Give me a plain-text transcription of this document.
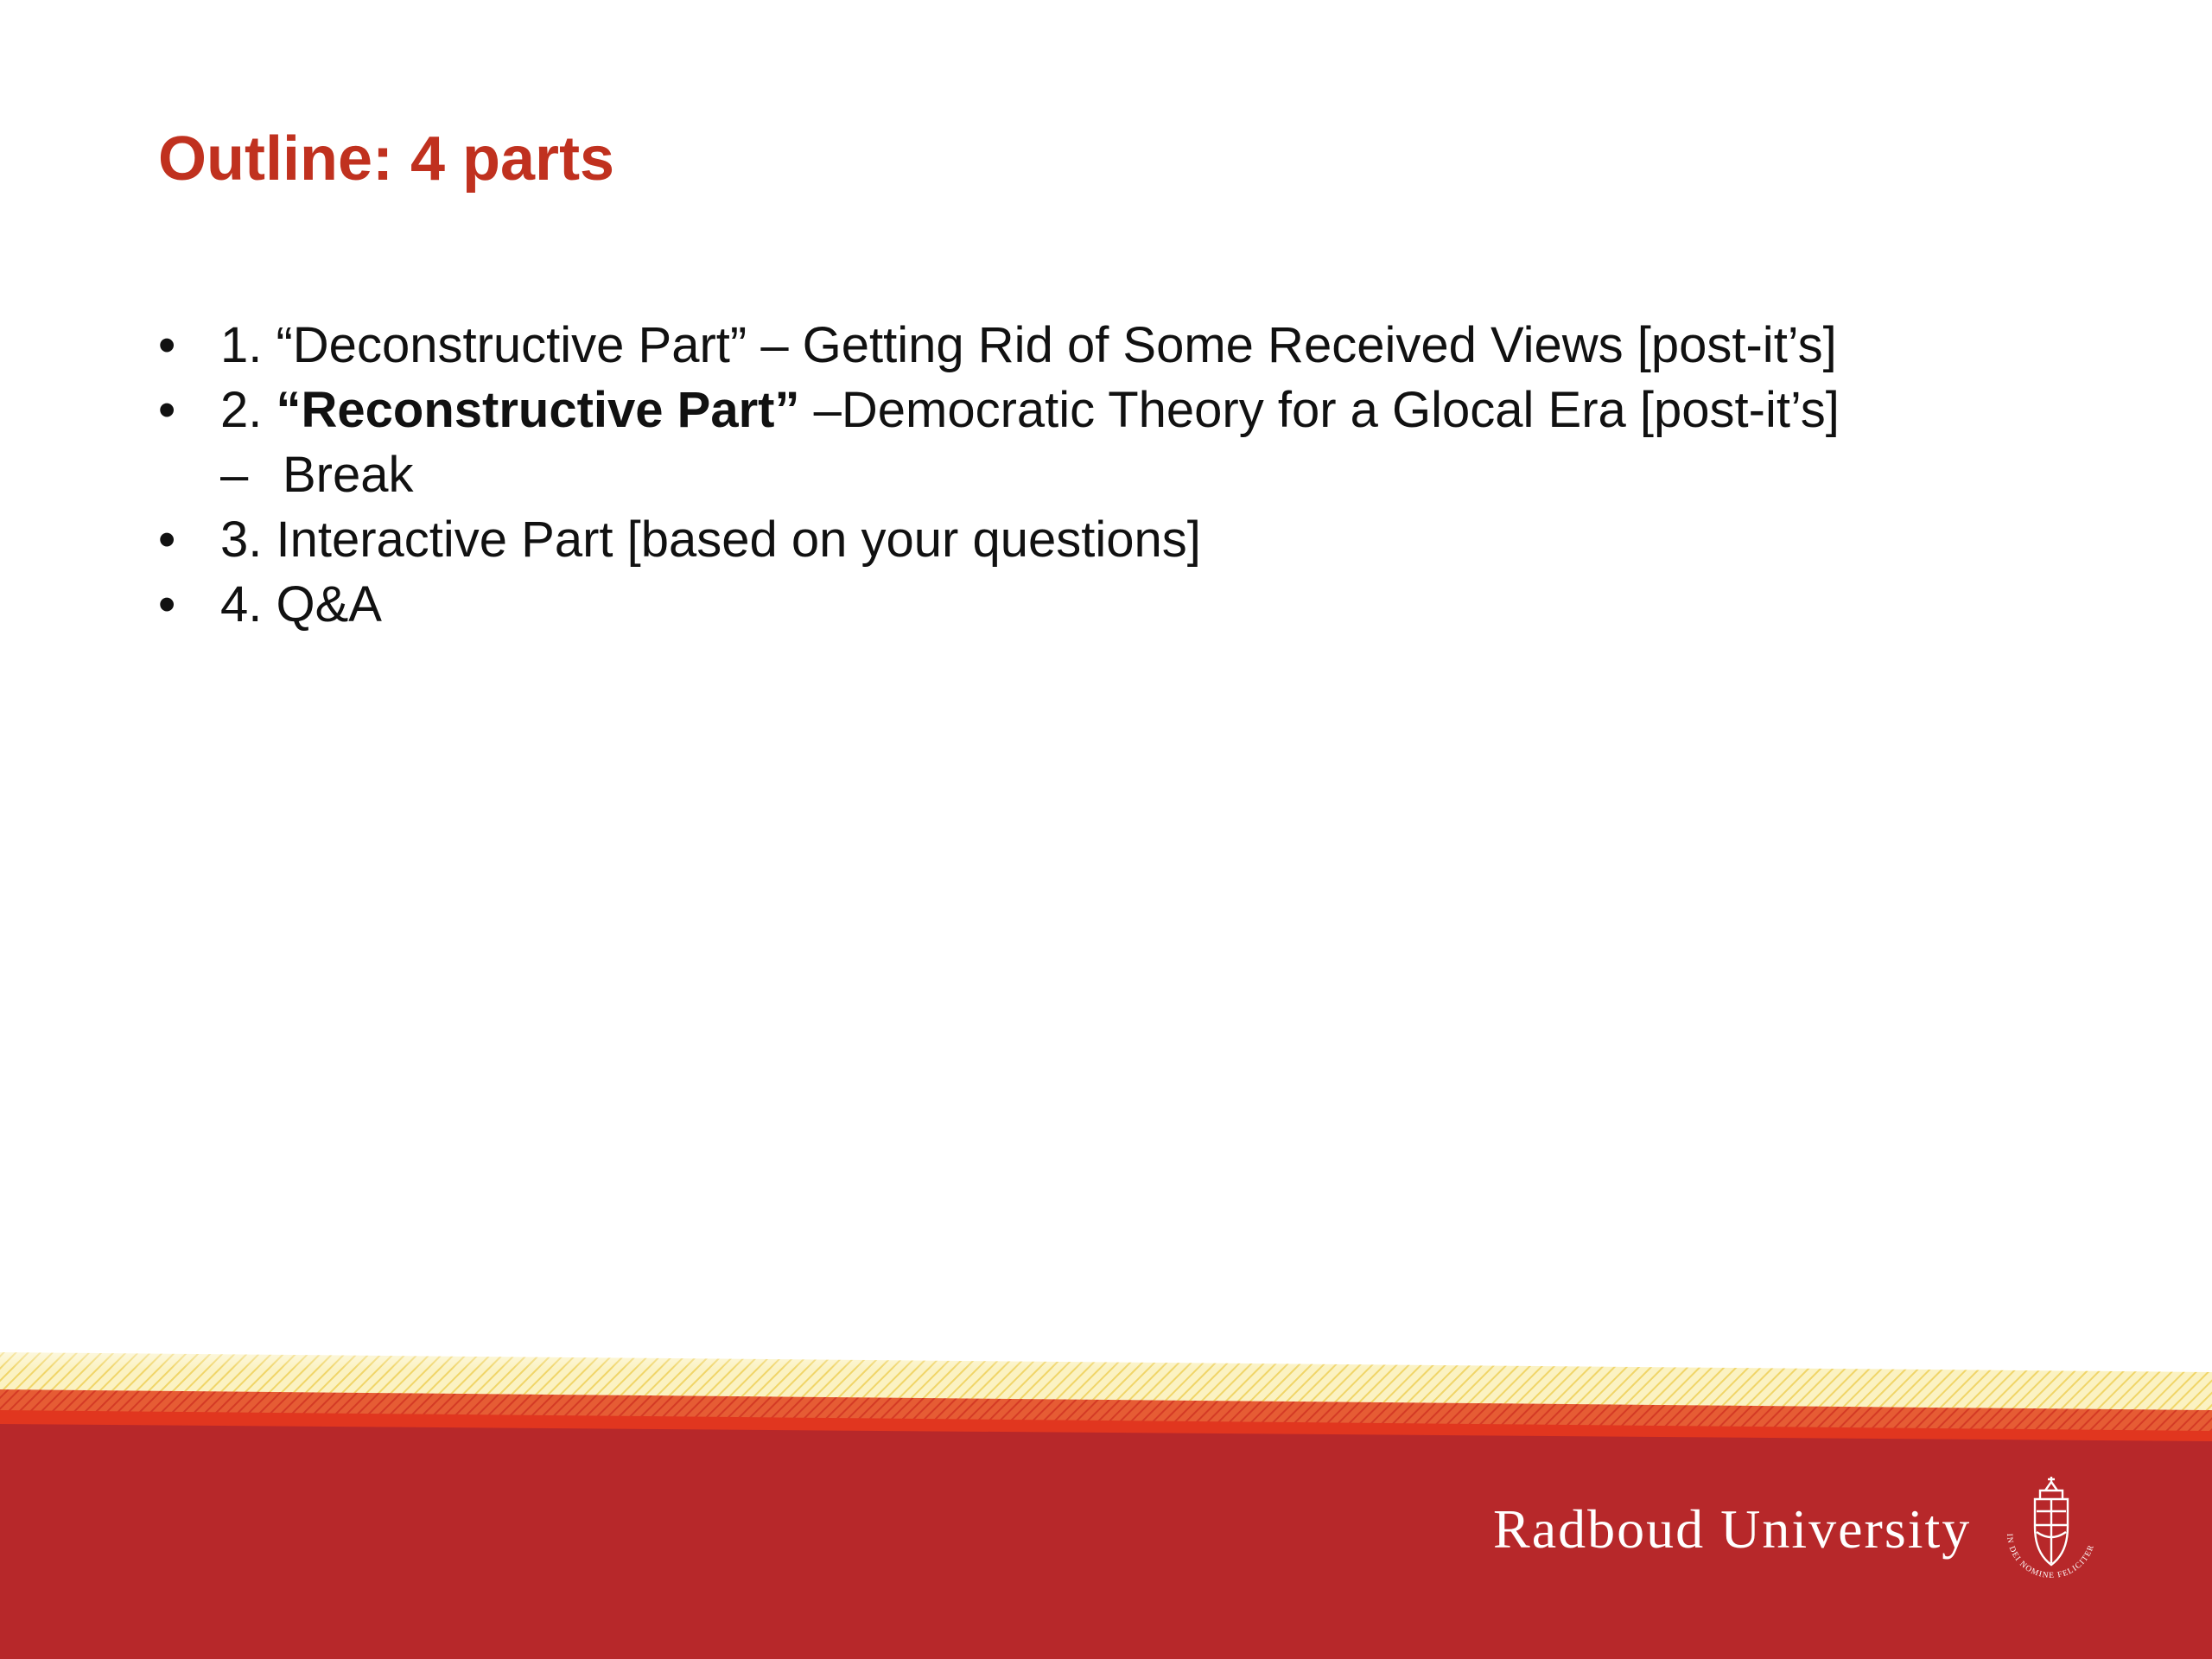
Outline: 4 parts
• 1. “Deconstructive Part” – Getting Rid of Some Received Views [post-it’s]
• 2. “Reconstructive Part” –Democratic Theory for a Glocal Era [post-it’s]
– Break
• 3. Interactive Part [based on your questions]
• 4. Q&A
Radboud University	IN DEI NOMINE FELICITER
